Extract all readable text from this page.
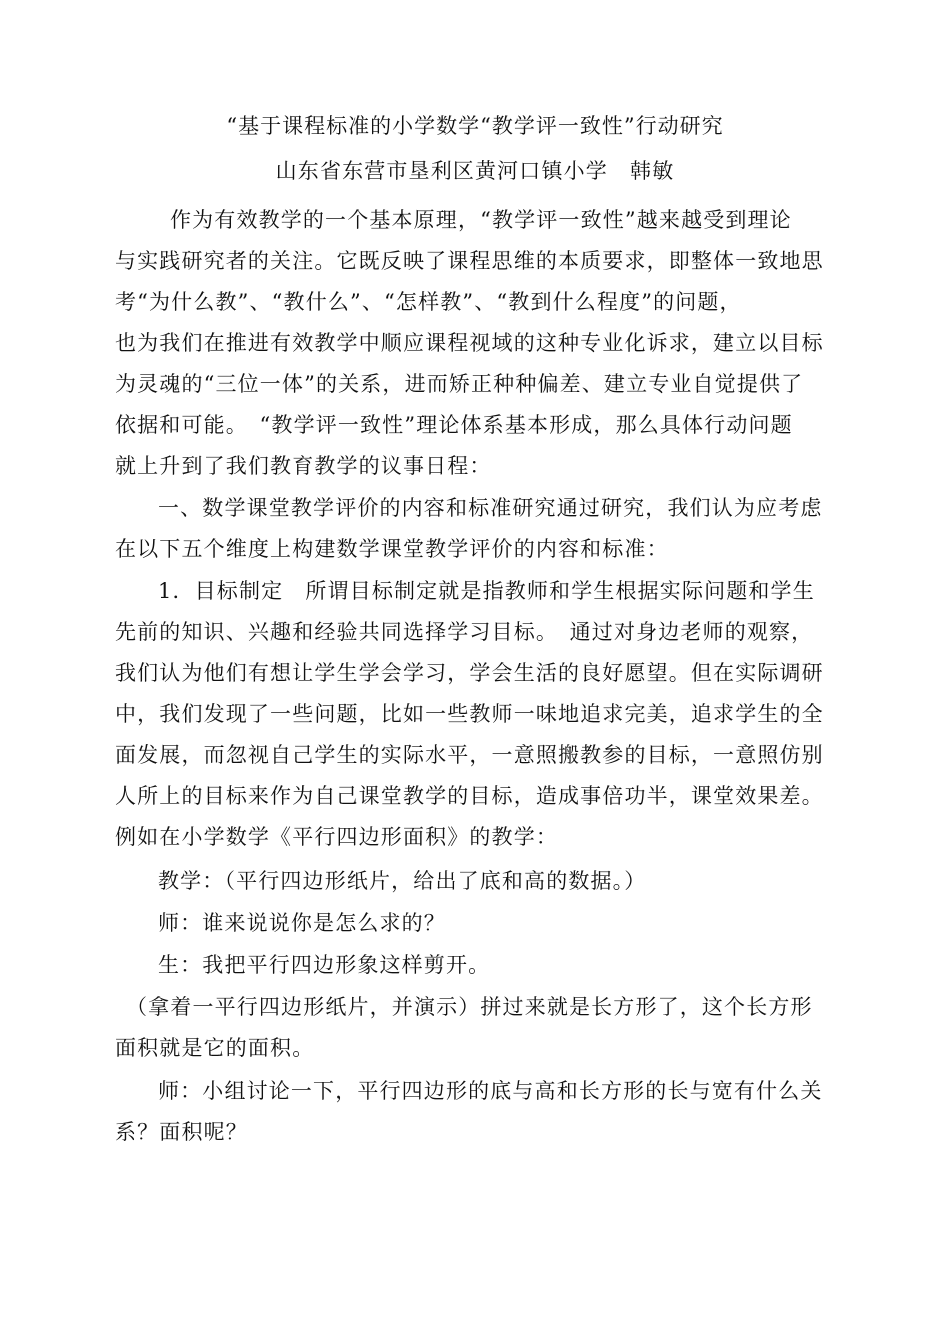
“基于课程标准的小学数学“教学评一致性”行动研究
山东省东营市垦利区黄河口镇小学　韩敏
作为有效教学的一个基本原理，“教学评一致性”越来越受到理论
与实践研究者的关注。它既反映了课程思维的本质要求，即整体一致地思
考“为什么教”、“教什么”、“怎样教”、“教到什么程度”的问题，
也为我们在推进有效教学中顺应课程视域的这种专业化诉求，建立以目标
为灵魂的“三位一体”的关系，进而矫正种种偏差、建立专业自觉提供了
依据和可能。　“教学评一致性”理论体系基本形成，那么具体行动问题
就上升到了我们教育教学的议事日程：
一、数学课堂教学评价的内容和标准研究通过研究，我们认为应考虑
在以下五个维度上构建数学课堂教学评价的内容和标准：
1．目标制定　所谓目标制定就是指教师和学生根据实际问题和学生
先前的知识、兴趣和经验共同选择学习目标。　通过对身边老师的观察，
我们认为他们有想让学生学会学习，学会生活的良好愿望。但在实际调研
中，我们发现了一些问题，比如一些教师一味地追求完美，追求学生的全
面发展，而忽视自己学生的实际水平，一意照搬教参的目标，一意照仿别
人所上的目标来作为自己课堂教学的目标，造成事倍功半，课堂效果差。
例如在小学数学《平行四边形面积》的教学：
教学：（平行四边形纸片，给出了底和高的数据。）
师：谁来说说你是怎么求的？
生：我把平行四边形象这样剪开。
（拿着一平行四边形纸片，并演示）拼过来就是长方形了，这个长方形
面积就是它的面积。
师：小组讨论一下，平行四边形的底与高和长方形的长与宽有什么关
系？面积呢？
